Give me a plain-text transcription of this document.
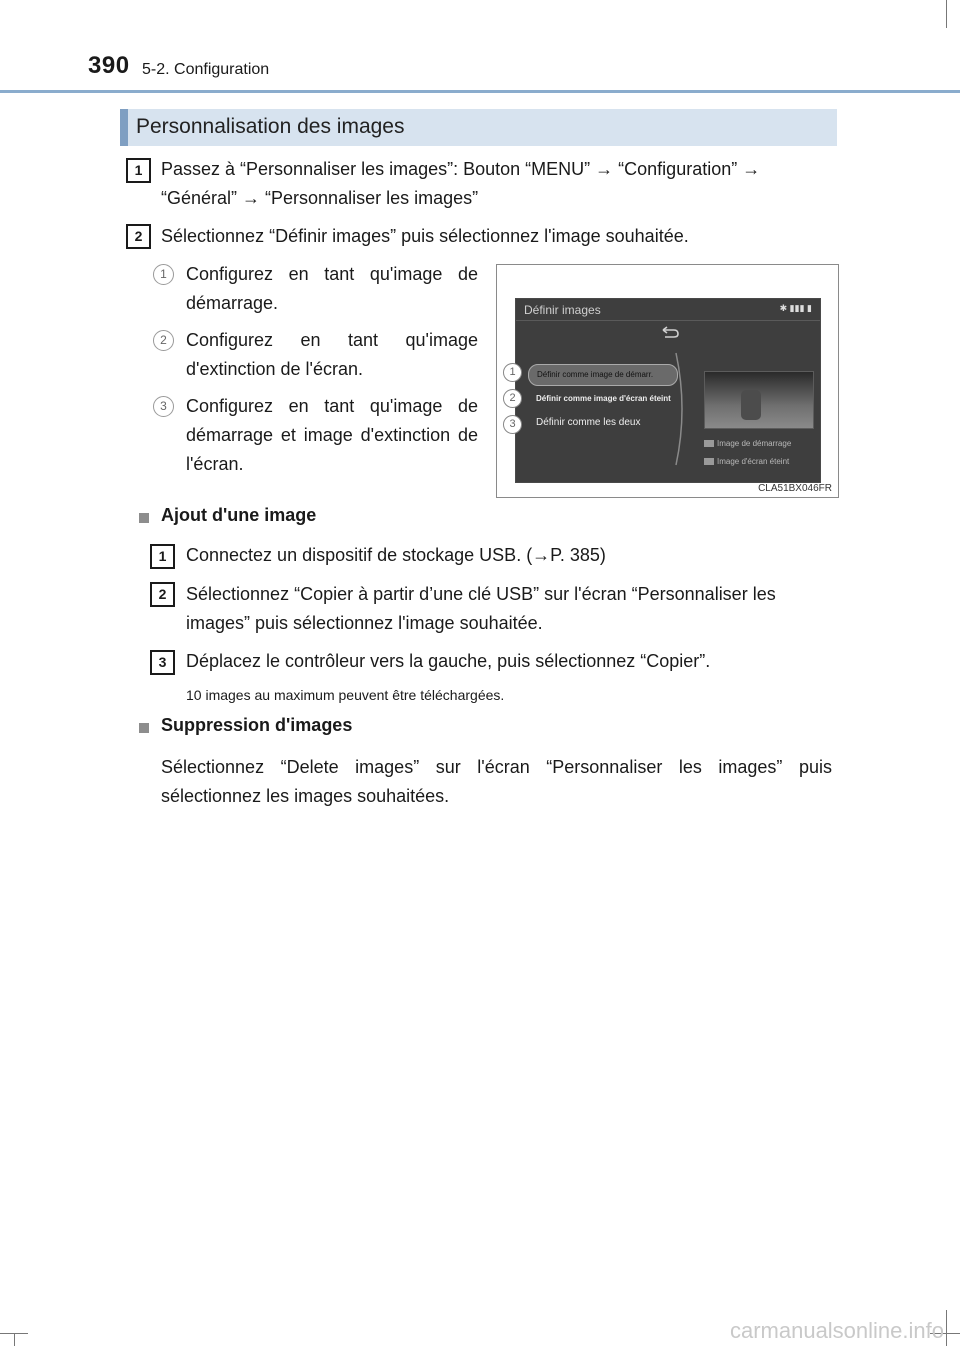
390 5-2. Configuration
Personnalisation des images
1	Passez à “Personnaliser les images”: Bouton “MENU” → “Configuration” → “Général” → “Personnaliser les images”
2	Sélectionnez “Définir images” puis sélectionnez l'image souhaitée.
1	Configurez en tant qu'image de démarrage.
2	Configurez en tant qu'image d'extinction de l'écran.
3	Configurez en tant qu'image de démarrage et image d'extinction de l'écran.
Définir images	✱ ▮▮▮ ▮
Définir comme image de démarr.
Définir comme image d'écran éteint
Définir comme les deux
Image de démarrage
Image d'écran éteint
1
2
3
CLA51BX046FR
Ajout d'une image
1	Connectez un dispositif de stockage USB. (→P. 385)
2	Sélectionnez “Copier à partir d’une clé USB” sur l'écran “Personnaliser les images” puis sélectionnez l'image souhaitée.
3	Déplacez le contrôleur vers la gauche, puis sélectionnez “Copier”.
10 images au maximum peuvent être téléchargées.
Suppression d'images
Sélectionnez “Delete images” sur l'écran “Personnaliser les images” puis sélectionnez les images souhaitées.
carmanualsonline.info
